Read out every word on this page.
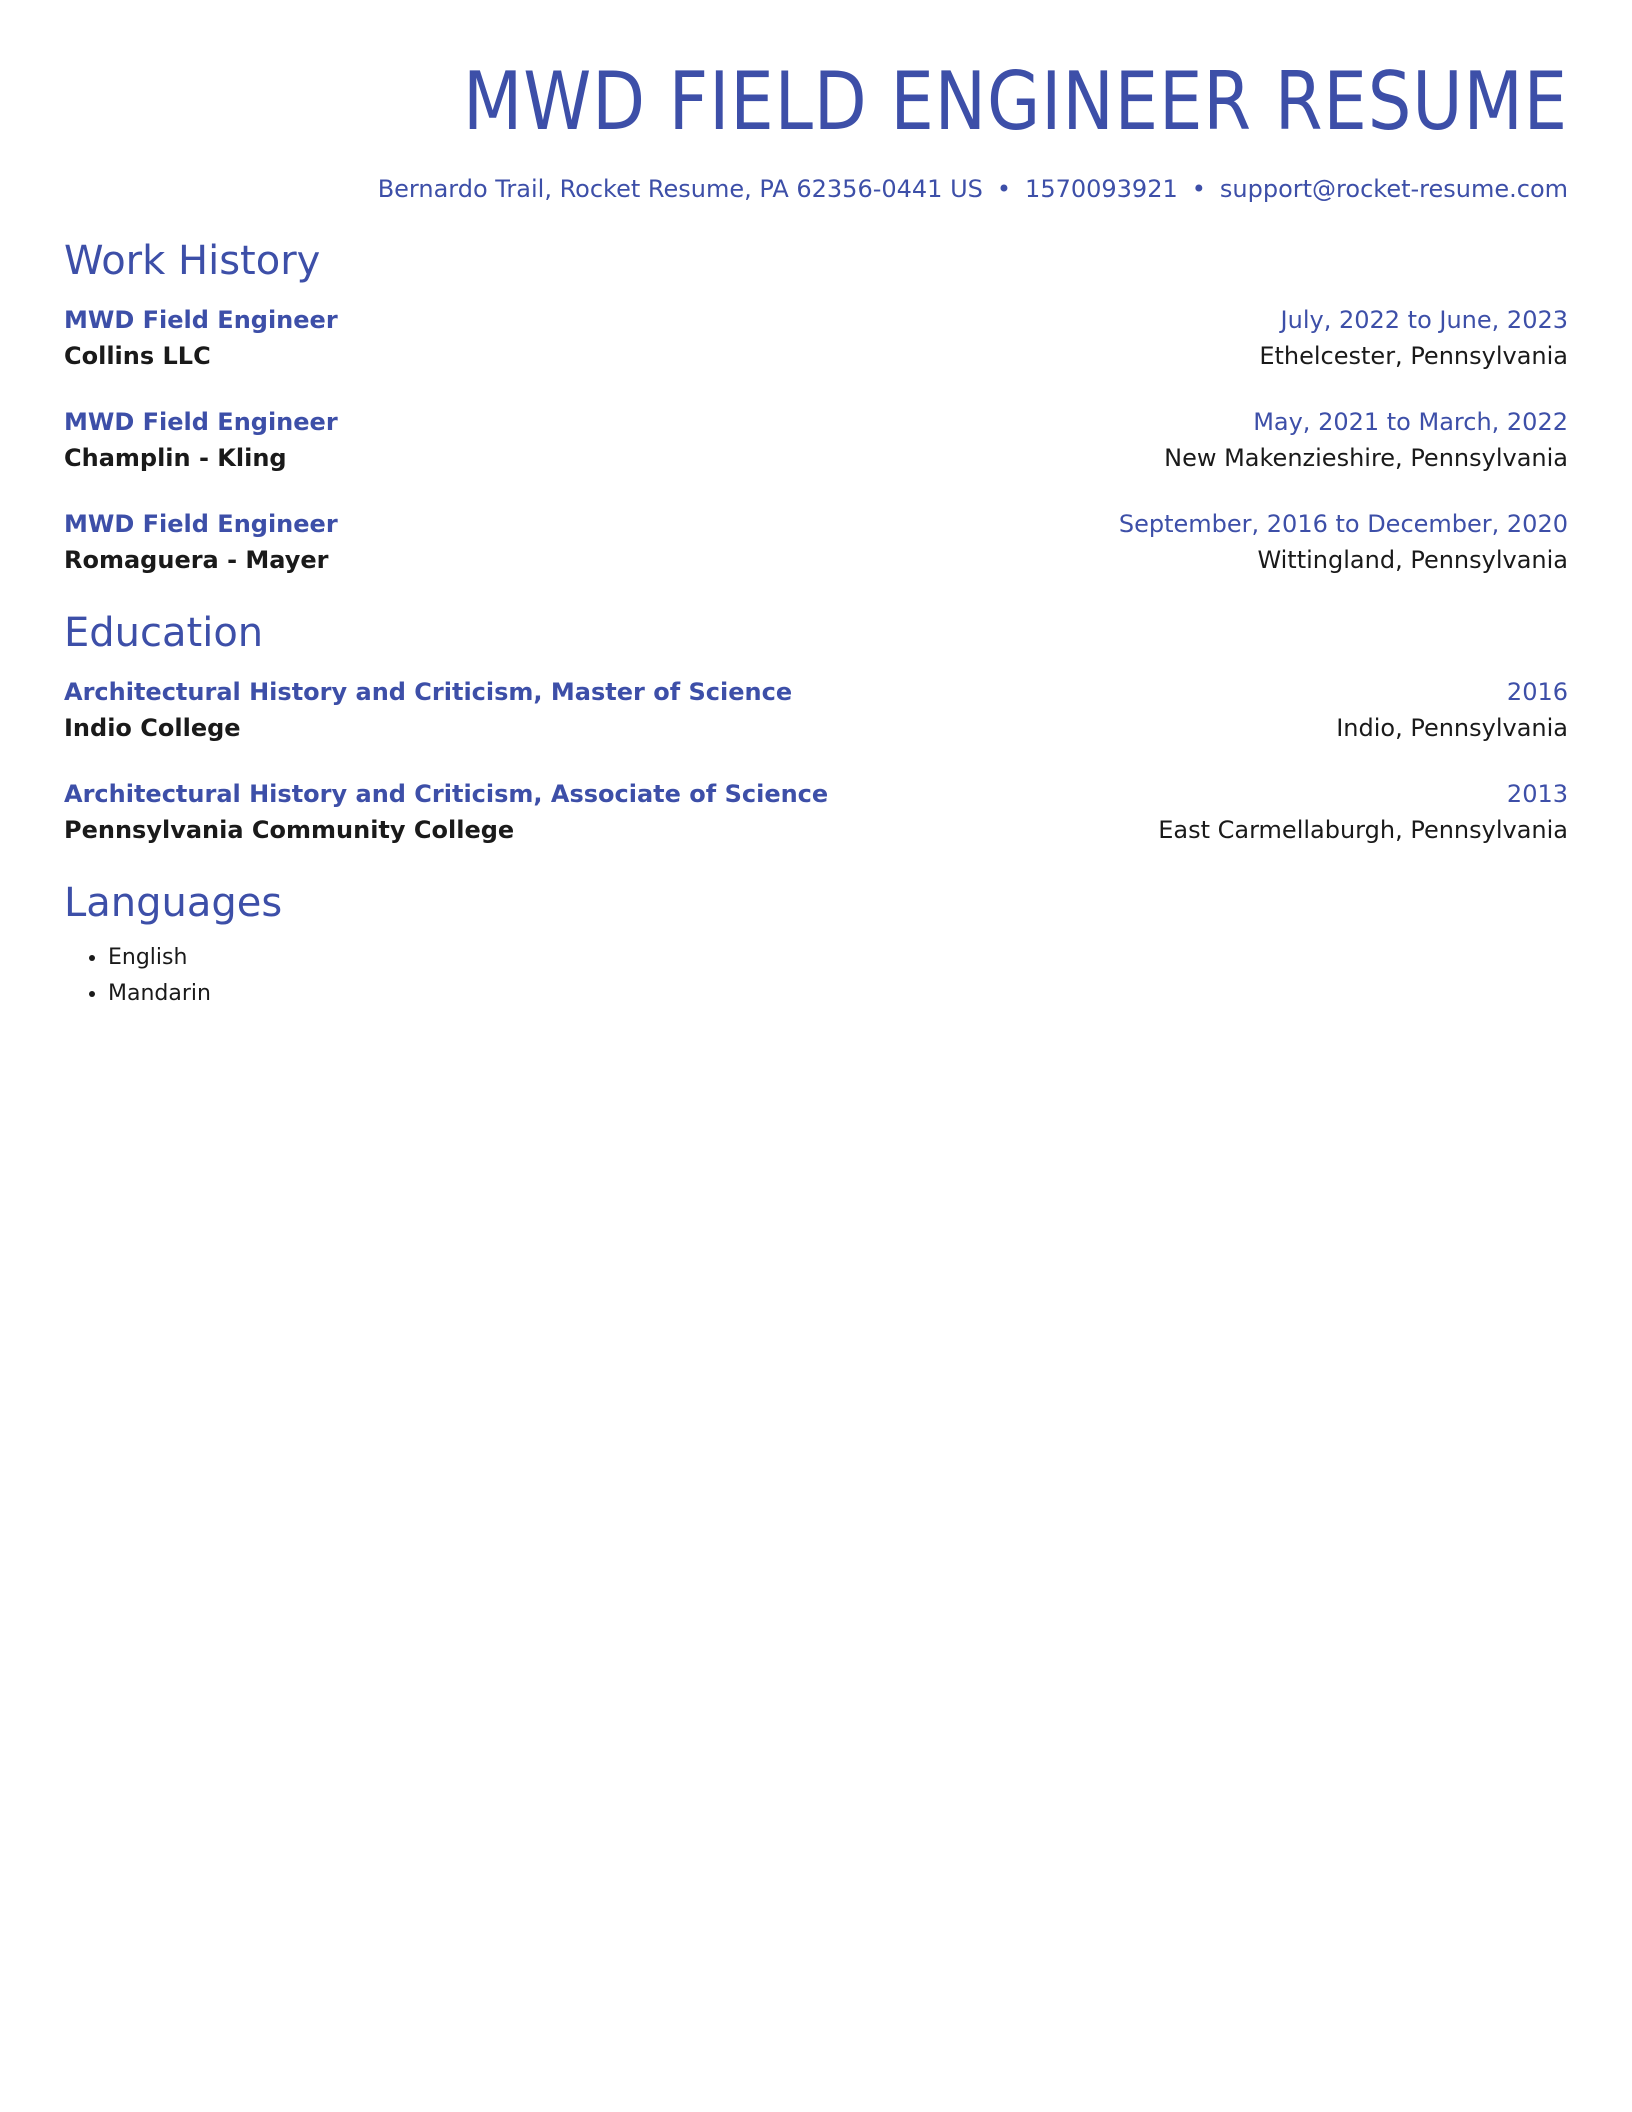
MWD FIELD ENGINEER RESUME
Bernardo Trail, Rocket Resume, PA 62356-0441 US • 1570093921 • support@rocket-resume.com
Work History
MWD Field Engineer	July, 2022 to June, 2023
Collins LLC	Ethelcester, Pennsylvania
MWD Field Engineer	May, 2021 to March, 2022
Champlin - Kling	New Makenzieshire, Pennsylvania
MWD Field Engineer	September, 2016 to December, 2020
Romaguera - Mayer	Wittingland, Pennsylvania
Education
Architectural History and Criticism, Master of Science	2016
Indio College	Indio, Pennsylvania
Architectural History and Criticism, Associate of Science	2013
Pennsylvania Community College	East Carmellaburgh, Pennsylvania
Languages
• English
• Mandarin
